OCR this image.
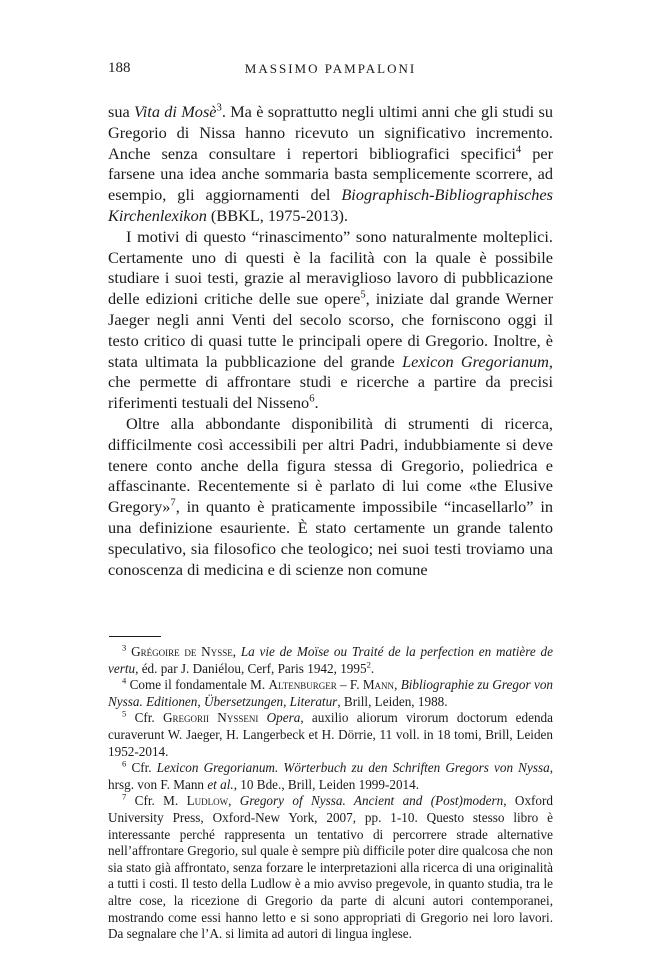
188	MASSIMO PAMPALONI

sua Vita di Mosè$^3$. Ma è soprattutto negli ultimi anni che gli studi su Gregorio di Nissa hanno ricevuto un significativo incremento. Anche senza consultare i repertori bibliografici specifici$^4$ per farsene una idea anche sommaria basta semplicemente scorrere, ad esempio, gli aggiornamenti del Biographisch-Bibliographisches Kirchenlexikon (BBKL, 1975-2013).

I motivi di questo “rinascimento” sono naturalmente molteplici. Certamente uno di questi è la facilità con la quale è possibile studiare i suoi testi, grazie al meraviglioso lavoro di pubblicazione delle edizioni critiche delle sue opere$^5$, iniziate dal grande Werner Jaeger negli anni Venti del secolo scorso, che forniscono oggi il testo critico di quasi tutte le principali opere di Gregorio. Inoltre, è stata ultimata la pubblicazione del grande Lexicon Gregorianum, che permette di affrontare studi e ricerche a partire da precisi riferimenti testuali del Nisseno$^6$.

Oltre alla abbondante disponibilità di strumenti di ricerca, difficilmente così accessibili per altri Padri, indubbiamente si deve tenere conto anche della figura stessa di Gregorio, poliedrica e affascinante. Recentemente si è parlato di lui come «the Elusive Gregory»$^7$, in quanto è praticamente impossibile “incasellarlo” in una definizione esauriente. È stato certamente un grande talento speculativo, sia filosofico che teologico; nei suoi testi troviamo una conoscenza di medicina e di scienze non comune

$^3$ Grégoire de Nysse, La vie de Moïse ou Traité de la perfection en matière de vertu, éd. par J. Daniélou, Cerf, Paris 1942, 1995$^2$.

$^4$ Come il fondamentale M. Altenburger – F. Mann, Bibliographie zu Gregor von Nyssa. Editionen, Übersetzungen, Literatur, Brill, Leiden, 1988.

$^5$ Cfr. Gregorii Nysseni Opera, auxilio aliorum virorum doctorum edenda curaverunt W. Jaeger, H. Langerbeck et H. Dörrie, 11 voll. in 18 tomi, Brill, Leiden 1952-2014.

$^6$ Cfr. Lexicon Gregorianum. Wörterbuch zu den Schriften Gregors von Nyssa, hrsg. von F. Mann et al., 10 Bde., Brill, Leiden 1999-2014.

$^7$ Cfr. M. Ludlow, Gregory of Nyssa. Ancient and (Post)modern, Oxford University Press, Oxford-New York, 2007, pp. 1-10. Questo stesso libro è interessante perché rappresenta un tentativo di percorrere strade alternative nell’affrontare Gregorio, sul quale è sempre più difficile poter dire qualcosa che non sia stato già affrontato, senza forzare le interpretazioni alla ricerca di una originalità a tutti i costi. Il testo della Ludlow è a mio avviso pregevole, in quanto studia, tra le altre cose, la ricezione di Gregorio da parte di alcuni autori contemporanei, mostrando come essi hanno letto e si sono appropriati di Gregorio nei loro lavori. Da segnalare che l’A. si limita ad autori di lingua inglese.
